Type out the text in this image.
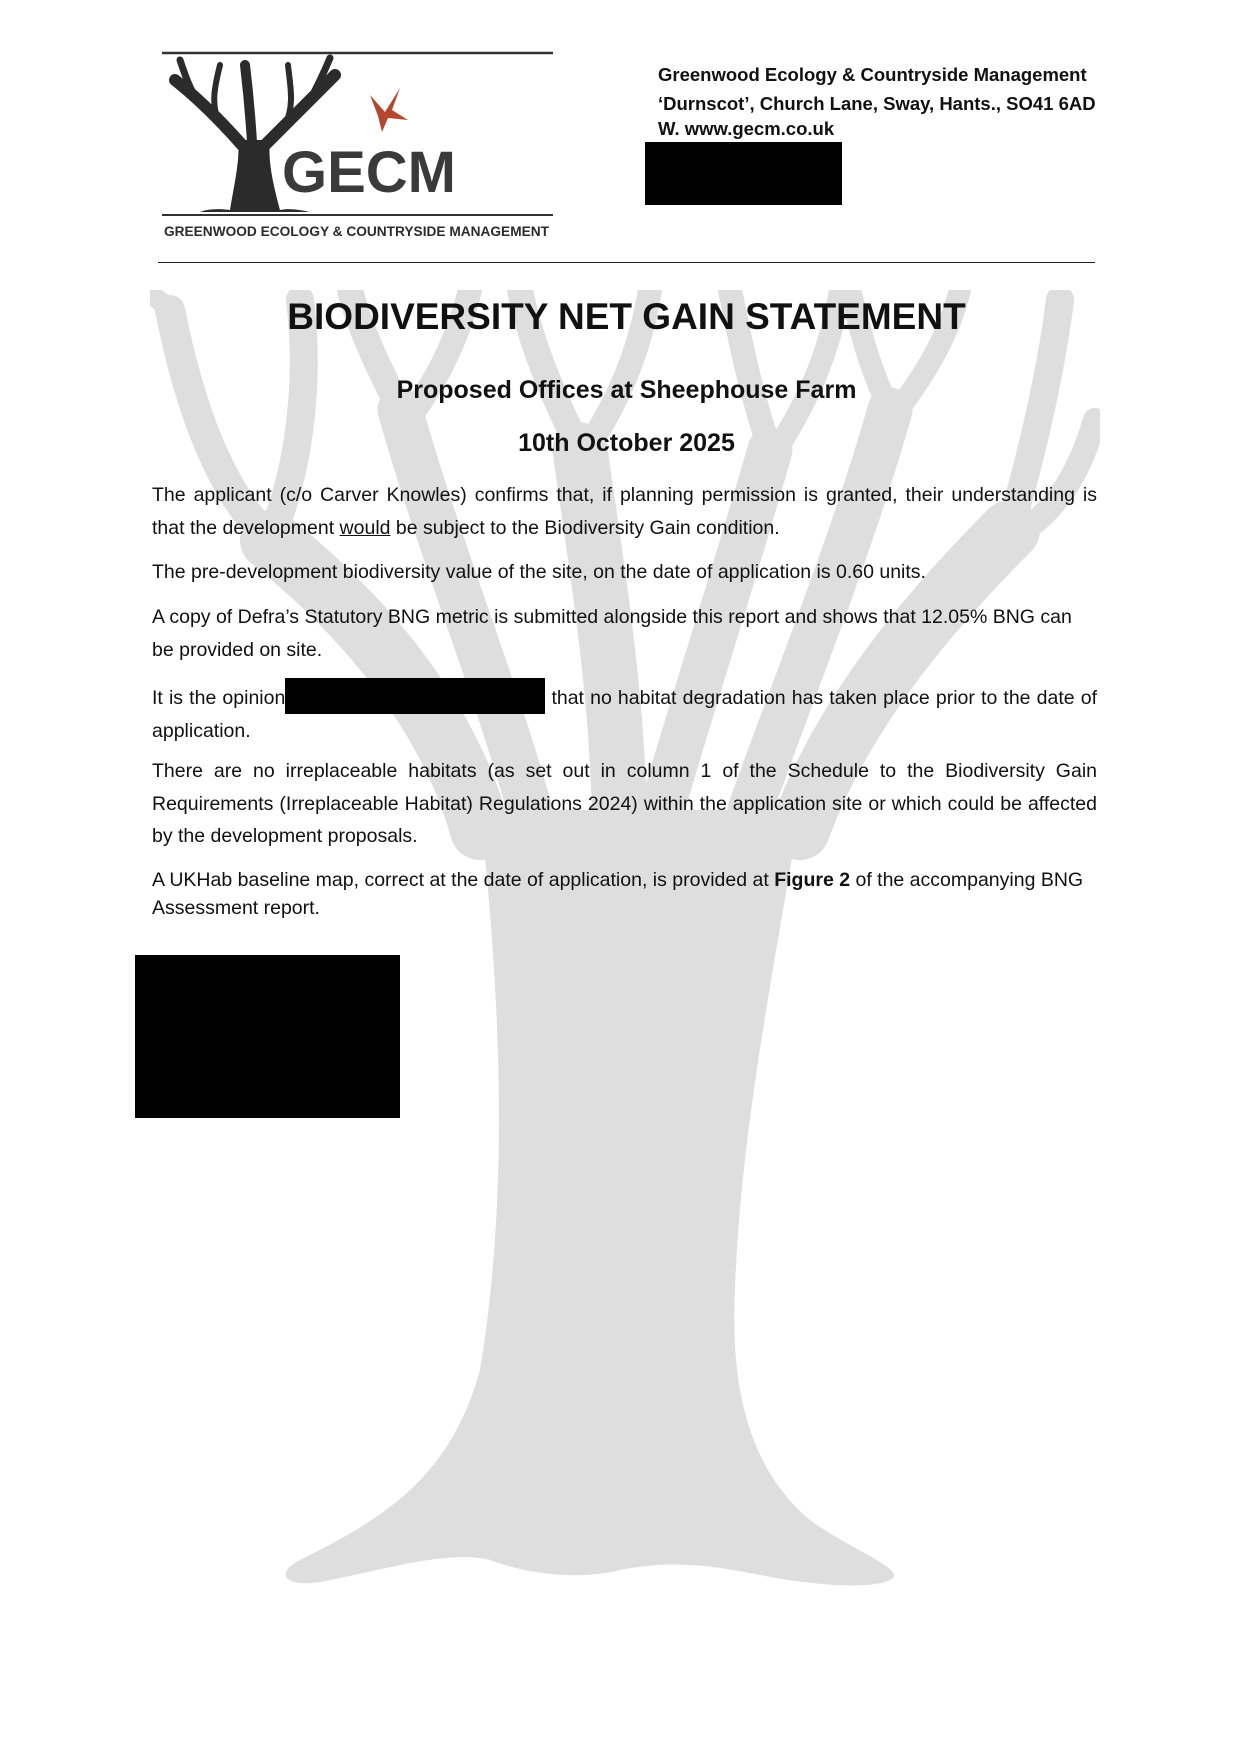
GECM
GREENWOOD ECOLOGY & COUNTRYSIDE MANAGEMENT
Greenwood Ecology & Countryside Management
‘Durnscot’, Church Lane, Sway, Hants., SO41 6AD
W. www.gecm.co.uk
BIODIVERSITY NET GAIN STATEMENT
Proposed Offices at Sheephouse Farm
10th October 2025
The applicant (c/o Carver Knowles) confirms that, if planning permission is granted, their understanding is that the development would be subject to the Biodiversity Gain condition.
The pre-development biodiversity value of the site, on the date of application is 0.60 units.
A copy of Defra’s Statutory BNG metric is submitted alongside this report and shows that 12.05% BNG can be provided on site.
It is the opinion	that no habitat degradation has taken place prior to the date of application.
There are no irreplaceable habitats (as set out in column 1 of the Schedule to the Biodiversity Gain Requirements (Irreplaceable Habitat) Regulations 2024) within the application site or which could be affected by the development proposals.
A UKHab baseline map, correct at the date of application, is provided at Figure 2 of the accompanying BNG Assessment report.
